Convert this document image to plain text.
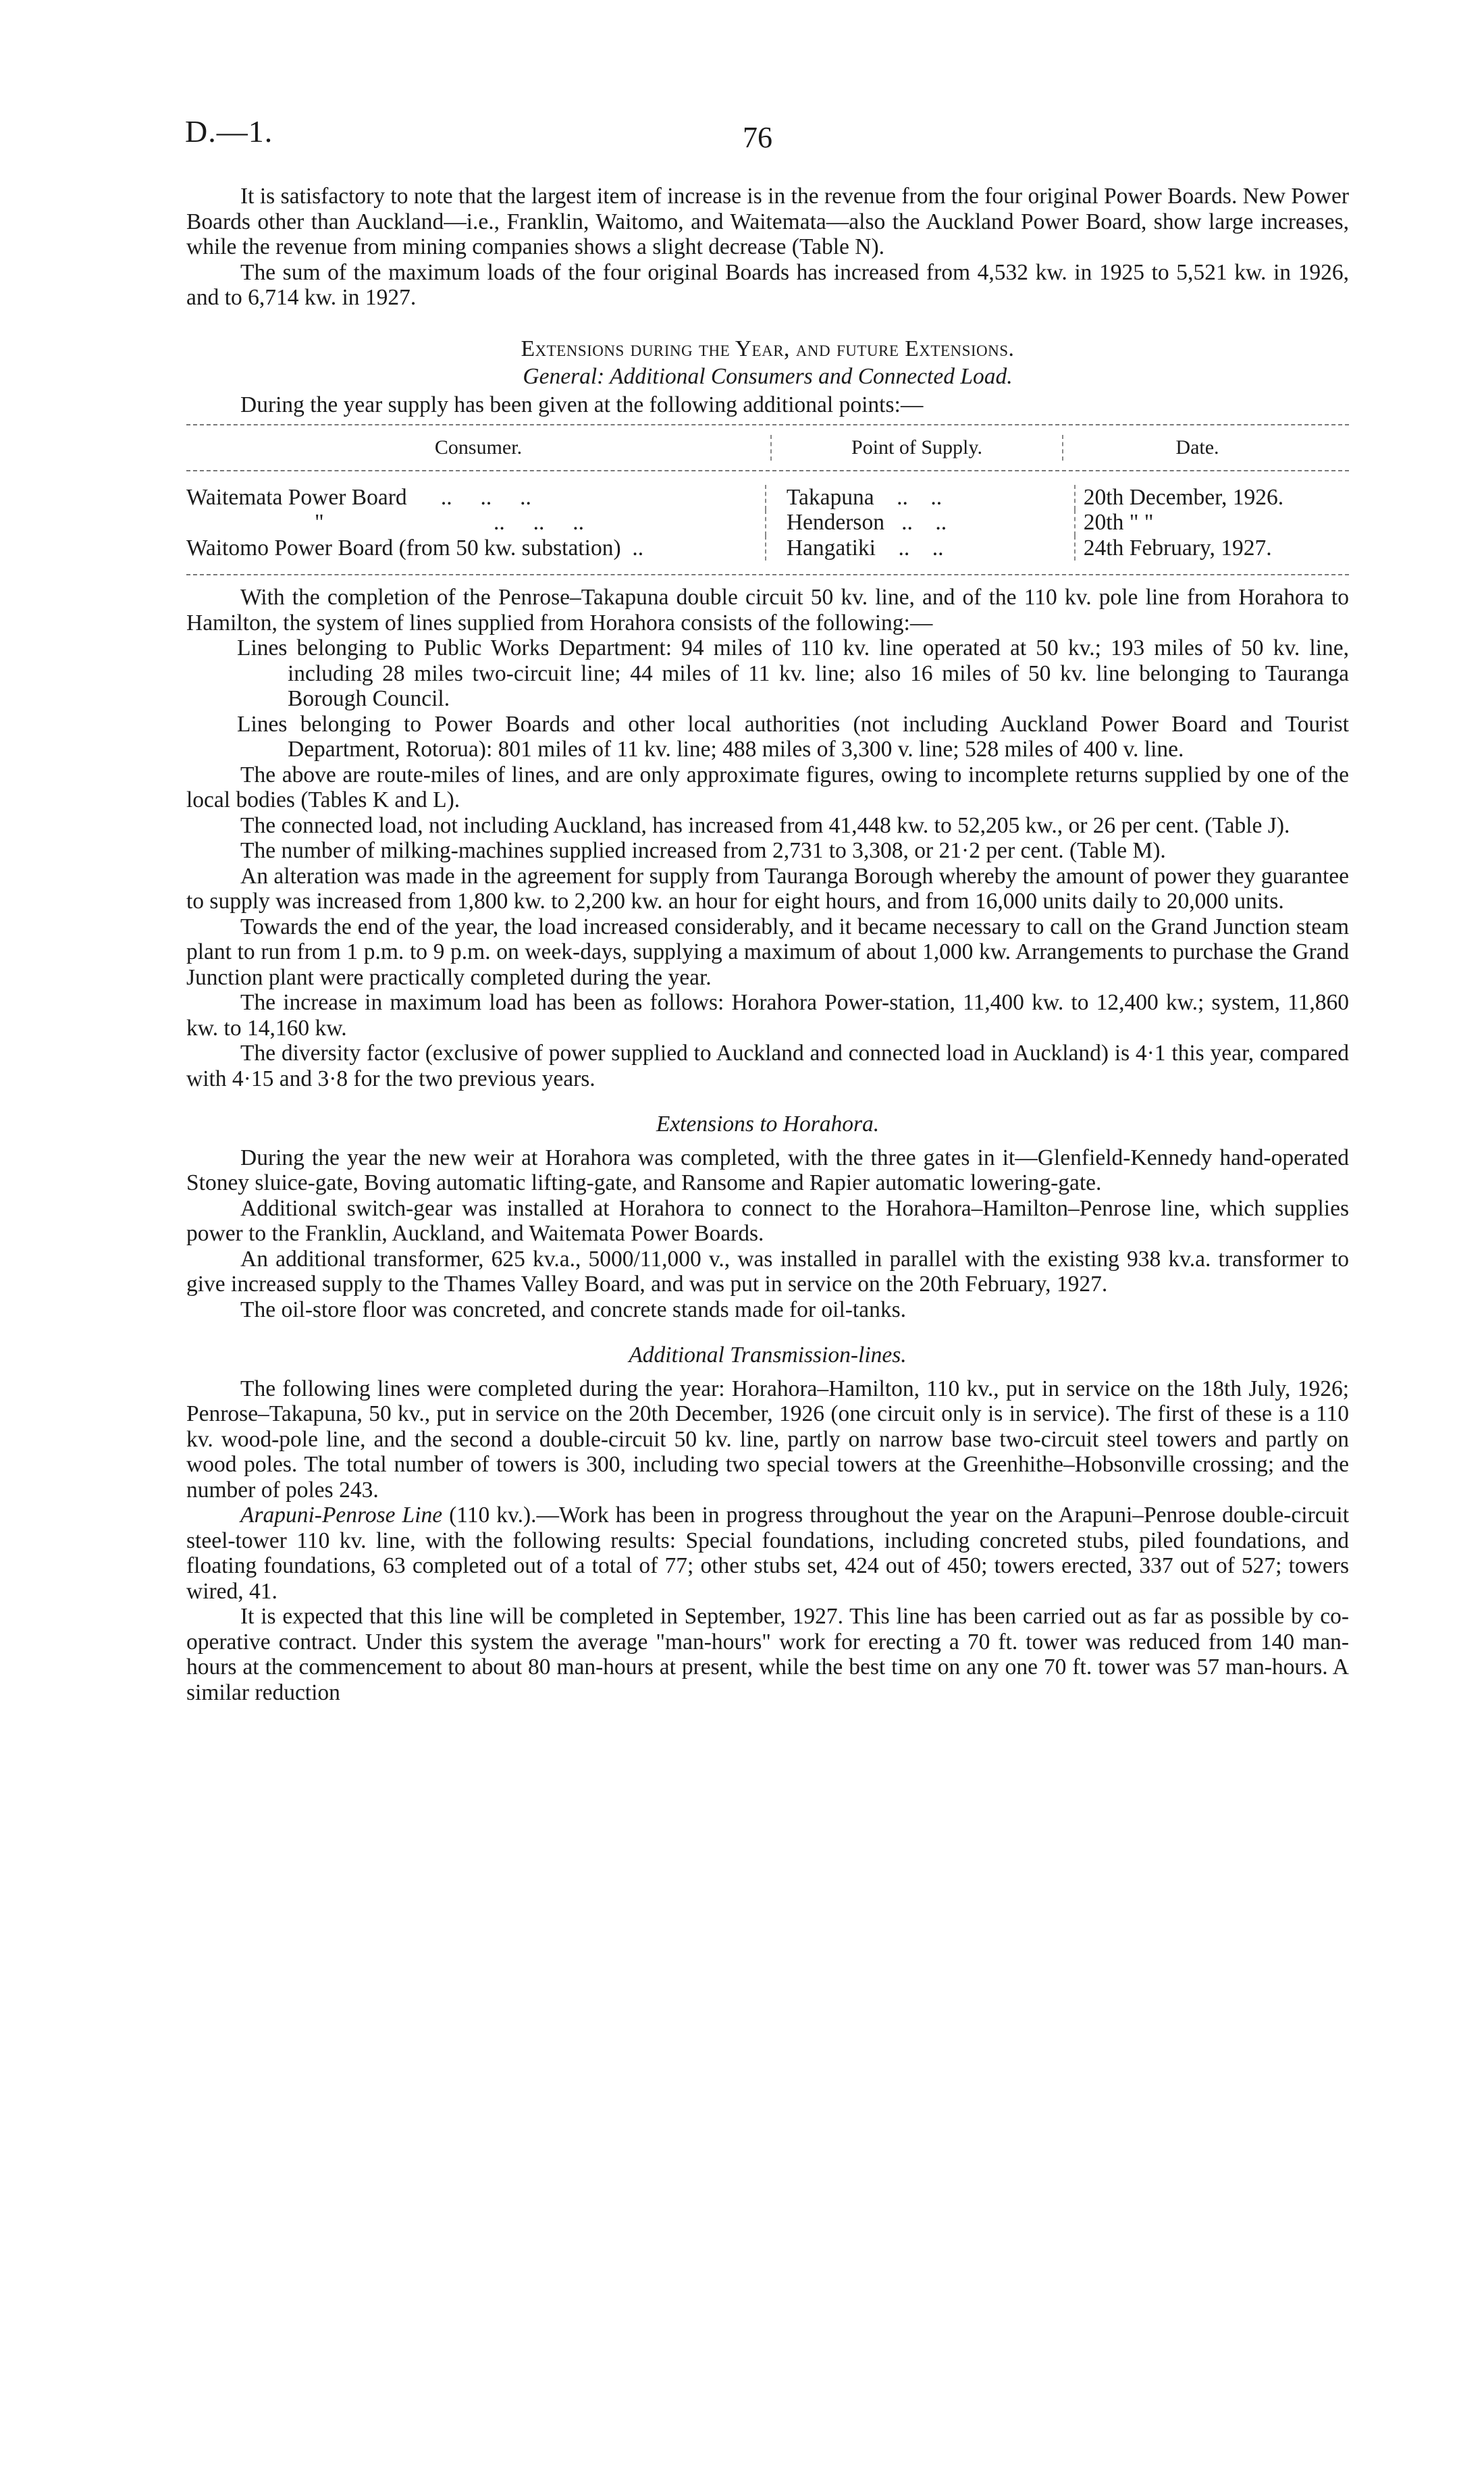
D.—1.	76

It is satisfactory to note that the largest item of increase is in the revenue from the four original Power Boards. New Power Boards other than Auckland—i.e., Franklin, Waitomo, and Waitemata—also the Auckland Power Board, show large increases, while the revenue from mining companies shows a slight decrease (Table N).

The sum of the maximum loads of the four original Boards has increased from 4,532 kw. in 1925 to 5,521 kw. in 1926, and to 6,714 kw. in 1927.

Extensions during the Year, and future Extensions.

General: Additional Consumers and Connected Load.

During the year supply has been given at the following additional points:—

Consumer.	Point of Supply.	Date.
Waitemata Power Board      ..     ..     ..	Takapuna    ..    ..	20th December, 1926.
"                              ..     ..     ..	Henderson   ..    ..	20th " "
Waitomo Power Board (from 50 kw. substation)  ..	Hangatiki    ..    ..	24th February, 1927.

With the completion of the Penrose–Takapuna double circuit 50 kv. line, and of the 110 kv. pole line from Horahora to Hamilton, the system of lines supplied from Horahora consists of the following:—

Lines belonging to Public Works Department: 94 miles of 110 kv. line operated at 50 kv.; 193 miles of 50 kv. line, including 28 miles two-circuit line; 44 miles of 11 kv. line; also 16 miles of 50 kv. line belonging to Tauranga Borough Council.

Lines belonging to Power Boards and other local authorities (not including Auckland Power Board and Tourist Department, Rotorua): 801 miles of 11 kv. line; 488 miles of 3,300 v. line; 528 miles of 400 v. line.

The above are route-miles of lines, and are only approximate figures, owing to incomplete returns supplied by one of the local bodies (Tables K and L).

The connected load, not including Auckland, has increased from 41,448 kw. to 52,205 kw., or 26 per cent. (Table J).

The number of milking-machines supplied increased from 2,731 to 3,308, or 21·2 per cent. (Table M).

An alteration was made in the agreement for supply from Tauranga Borough whereby the amount of power they guarantee to supply was increased from 1,800 kw. to 2,200 kw. an hour for eight hours, and from 16,000 units daily to 20,000 units.

Towards the end of the year, the load increased considerably, and it became necessary to call on the Grand Junction steam plant to run from 1 p.m. to 9 p.m. on week-days, supplying a maximum of about 1,000 kw. Arrangements to purchase the Grand Junction plant were practically completed during the year.

The increase in maximum load has been as follows: Horahora Power-station, 11,400 kw. to 12,400 kw.; system, 11,860 kw. to 14,160 kw.

The diversity factor (exclusive of power supplied to Auckland and connected load in Auckland) is 4·1 this year, compared with 4·15 and 3·8 for the two previous years.

Extensions to Horahora.

During the year the new weir at Horahora was completed, with the three gates in it—Glenfield-Kennedy hand-operated Stoney sluice-gate, Boving automatic lifting-gate, and Ransome and Rapier automatic lowering-gate.

Additional switch-gear was installed at Horahora to connect to the Horahora–Hamilton–Penrose line, which supplies power to the Franklin, Auckland, and Waitemata Power Boards.

An additional transformer, 625 kv.a., 5000/11,000 v., was installed in parallel with the existing 938 kv.a. transformer to give increased supply to the Thames Valley Board, and was put in service on the 20th February, 1927.

The oil-store floor was concreted, and concrete stands made for oil-tanks.

Additional Transmission-lines.

The following lines were completed during the year: Horahora–Hamilton, 110 kv., put in service on the 18th July, 1926; Penrose–Takapuna, 50 kv., put in service on the 20th December, 1926 (one circuit only is in service). The first of these is a 110 kv. wood-pole line, and the second a double-circuit 50 kv. line, partly on narrow base two-circuit steel towers and partly on wood poles. The total number of towers is 300, including two special towers at the Greenhithe–Hobsonville crossing; and the number of poles 243.

Arapuni-Penrose Line (110 kv.).—Work has been in progress throughout the year on the Arapuni–Penrose double-circuit steel-tower 110 kv. line, with the following results: Special foundations, including concreted stubs, piled foundations, and floating foundations, 63 completed out of a total of 77; other stubs set, 424 out of 450; towers erected, 337 out of 527; towers wired, 41.

It is expected that this line will be completed in September, 1927. This line has been carried out as far as possible by co-operative contract. Under this system the average "man-hours" work for erecting a 70 ft. tower was reduced from 140 man-hours at the commencement to about 80 man-hours at present, while the best time on any one 70 ft. tower was 57 man-hours. A similar reduction
